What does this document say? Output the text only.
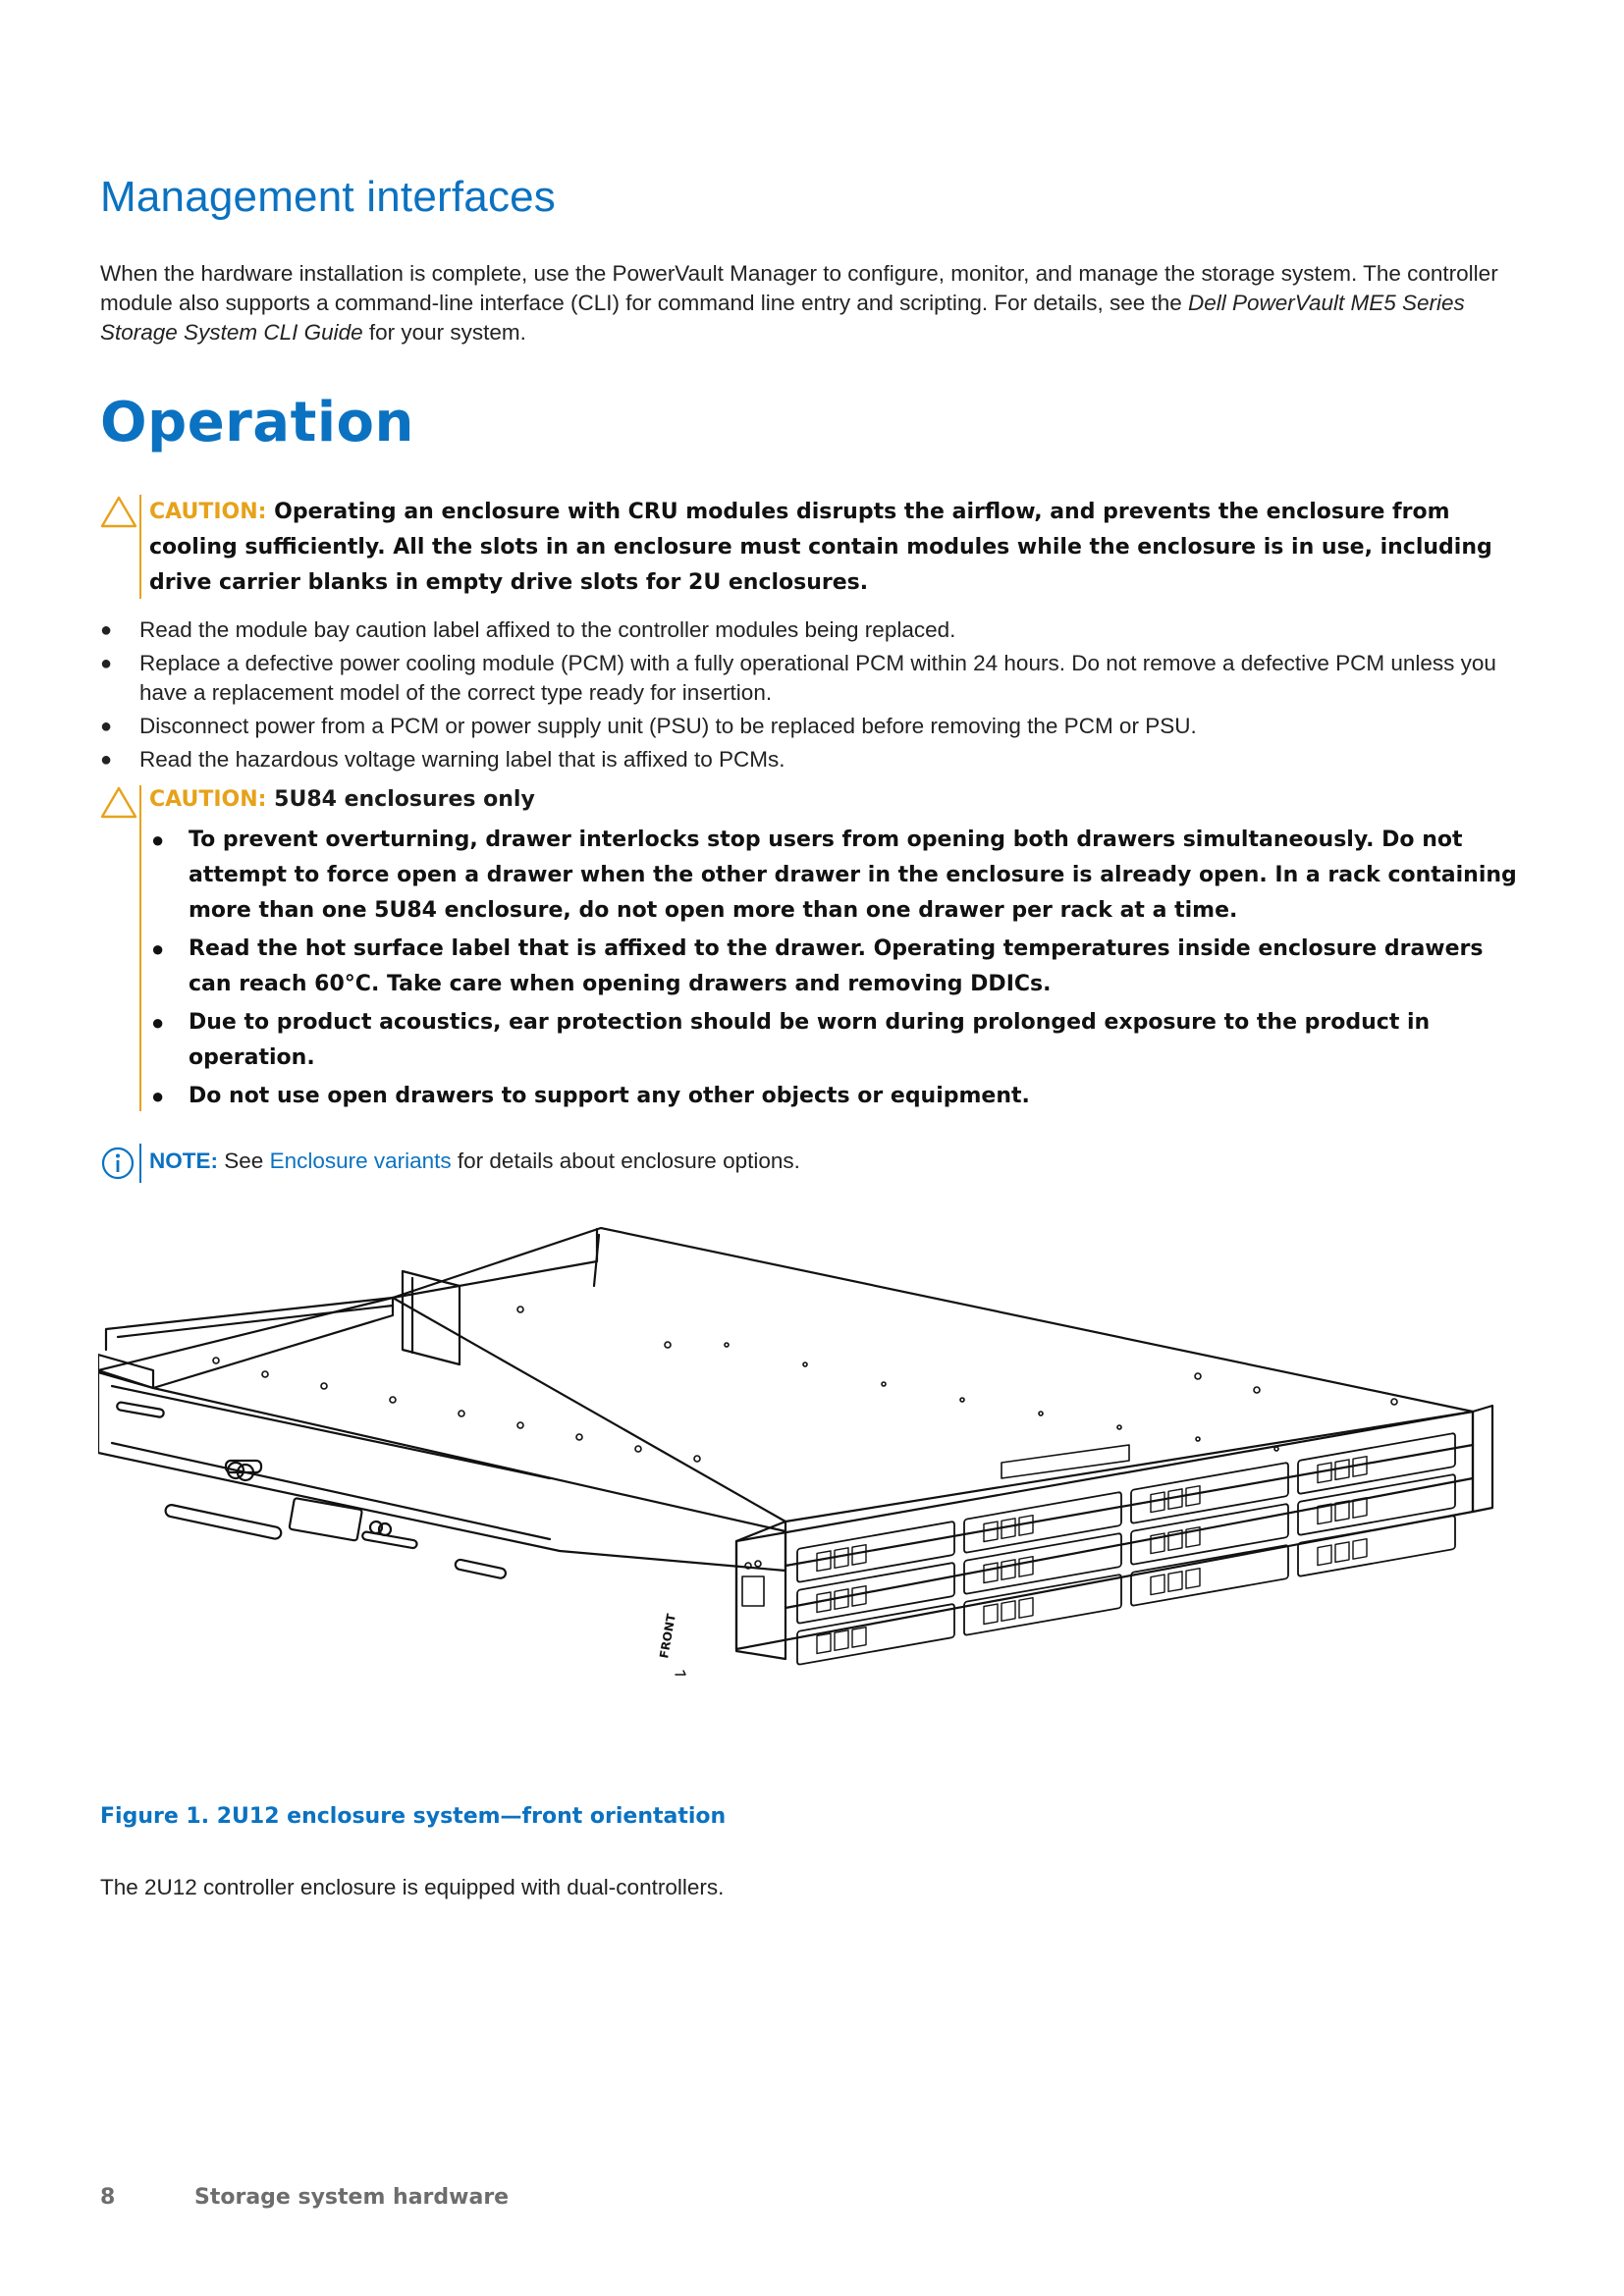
Management interfaces
When the hardware installation is complete, use the PowerVault Manager to configure, monitor, and manage the storage system. The controller module also supports a command-line interface (CLI) for command line entry and scripting. For details, see the Dell PowerVault ME5 Series Storage System CLI Guide for your system.
Operation
CAUTION: Operating an enclosure with CRU modules disrupts the airflow, and prevents the enclosure from cooling sufficiently. All the slots in an enclosure must contain modules while the enclosure is in use, including drive carrier blanks in empty drive slots for 2U enclosures.
● Read the module bay caution label affixed to the controller modules being replaced.
● Replace a defective power cooling module (PCM) with a fully operational PCM within 24 hours. Do not remove a defective PCM unless you have a replacement model of the correct type ready for insertion.
● Disconnect power from a PCM or power supply unit (PSU) to be replaced before removing the PCM or PSU.
● Read the hazardous voltage warning label that is affixed to PCMs.
CAUTION: 5U84 enclosures only
● To prevent overturning, drawer interlocks stop users from opening both drawers simultaneously. Do not attempt to force open a drawer when the other drawer in the enclosure is already open. In a rack containing more than one 5U84 enclosure, do not open more than one drawer per rack at a time.
● Read the hot surface label that is affixed to the drawer. Operating temperatures inside enclosure drawers can reach 60°C. Take care when opening drawers and removing DDICs.
● Due to product acoustics, ear protection should be worn during prolonged exposure to the product in operation.
● Do not use open drawers to support any other objects or equipment.
NOTE: See Enclosure variants for details about enclosure options.
FRONT
Figure 1. 2U12 enclosure system—front orientation
The 2U12 controller enclosure is equipped with dual-controllers.
8	Storage system hardware
